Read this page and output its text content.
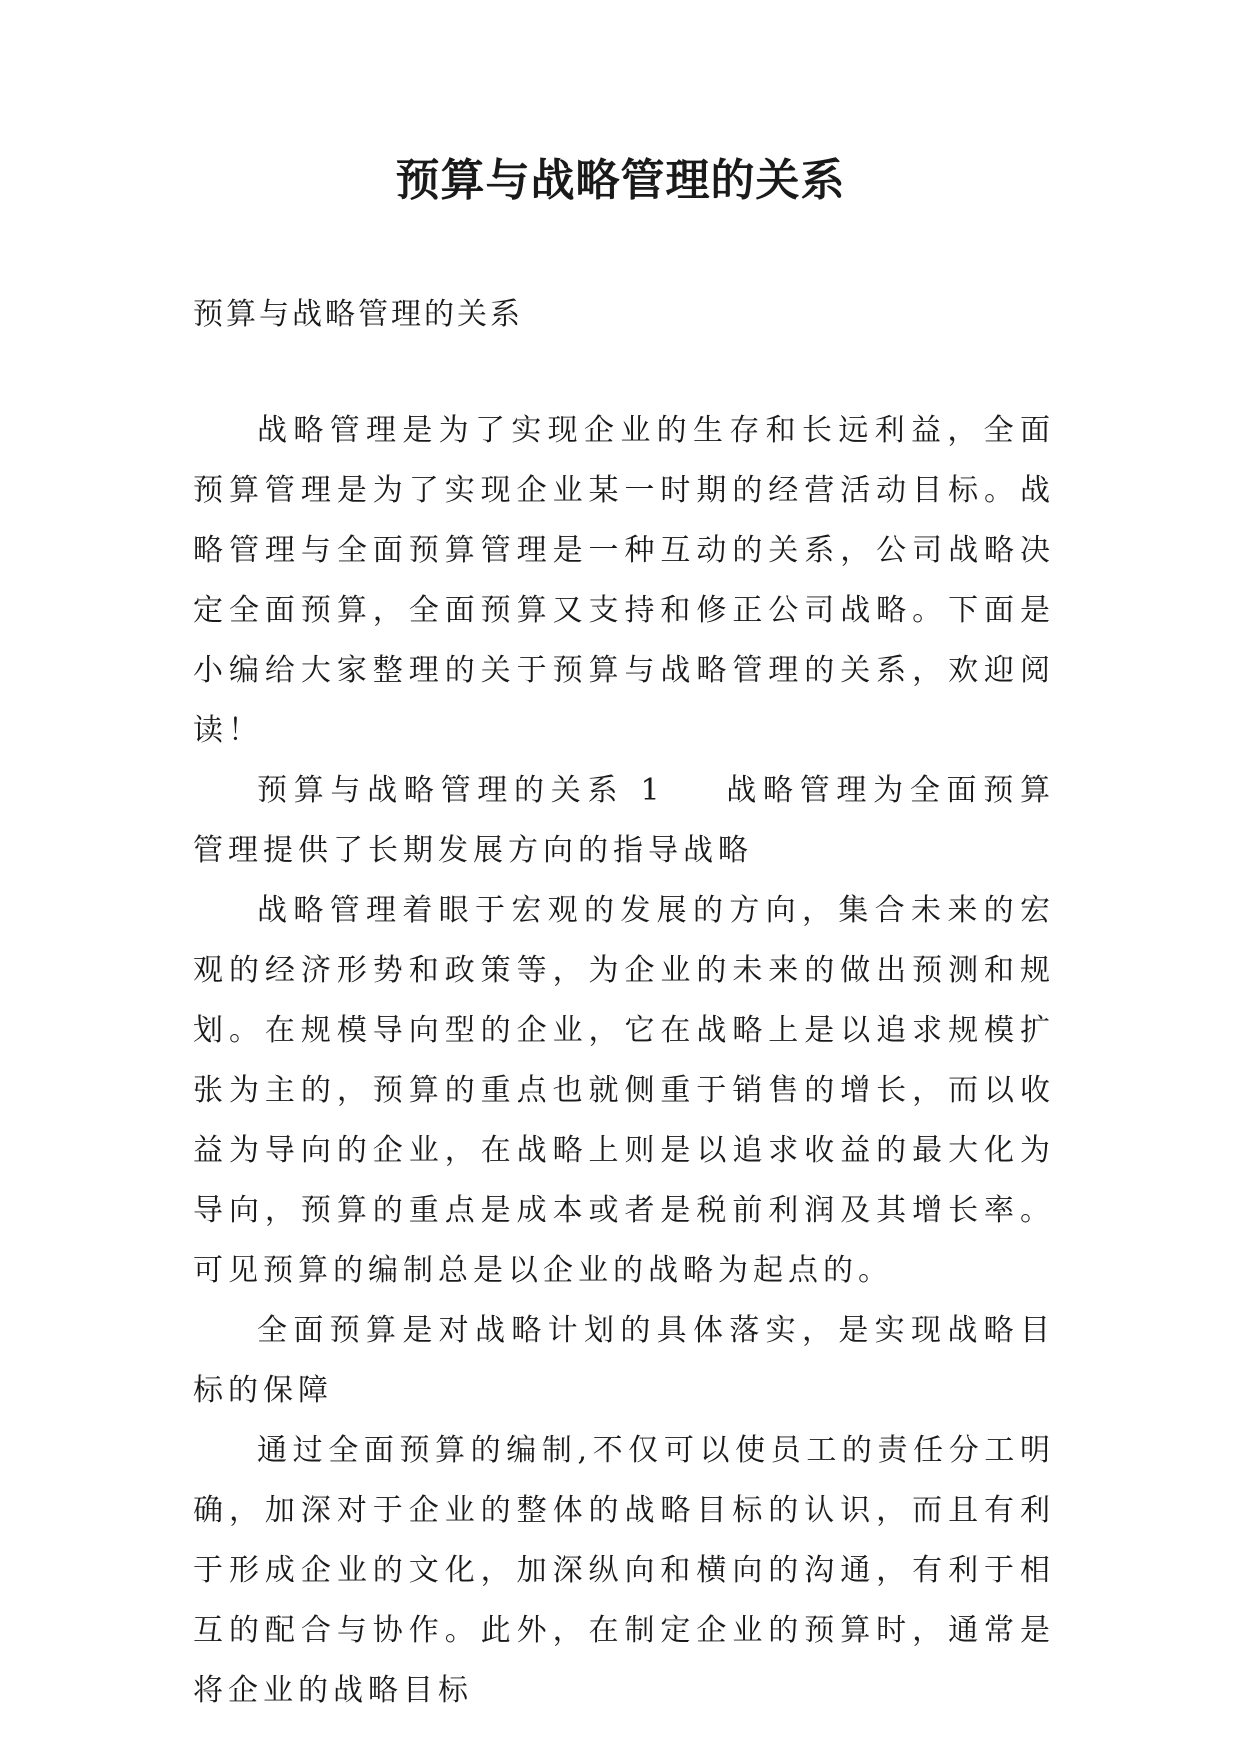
预算与战略管理的关系
预算与战略管理的关系

战略管理是为了实现企业的生存和长远利益，全面预算管理是为了实现企业某一时期的经营活动目标。战略管理与全面预算管理是一种互动的关系，公司战略决定全面预算，全面预算又支持和修正公司战略。下面是小编给大家整理的关于预算与战略管理的关系，欢迎阅读！

预算与战略管理的关系 1 战略管理为全面预算管理提供了长期发展方向的指导战略

战略管理着眼于宏观的发展的方向，集合未来的宏观的经济形势和政策等，为企业的未来的做出预测和规划。在规模导向型的企业，它在战略上是以追求规模扩张为主的，预算的重点也就侧重于销售的增长，而以收益为导向的企业，在战略上则是以追求收益的最大化为导向，预算的重点是成本或者是税前利润及其增长率。可见预算的编制总是以企业的战略为起点的。

全面预算是对战略计划的具体落实，是实现战略目标的保障

通过全面预算的编制,不仅可以使员工的责任分工明确，加深对于企业的整体的战略目标的认识，而且有利于形成企业的文化，加深纵向和横向的沟通，有利于相互的配合与协作。此外，在制定企业的预算时，通常是将企业的战略目标
